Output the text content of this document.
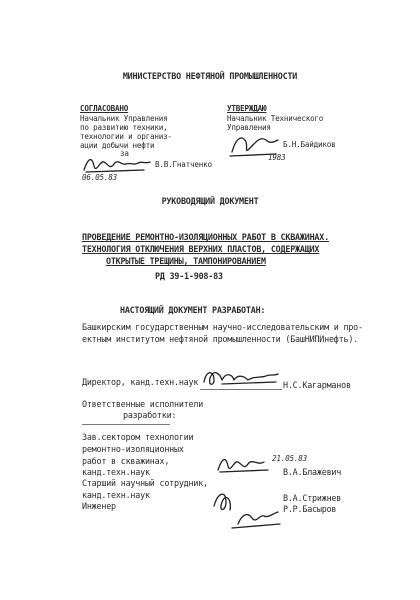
МИНИСТЕРСТВО НЕФТЯНОЙ ПРОМЫШЛЕННОСТИ
СОГЛАСОВАНО
Начальник Управления
по развитию техники,
технологии и организ-
ации добычи нефти
за
В.В.Гнатченко
06.05.83
УТВЕРЖДАЮ
Начальник Технического
Управления
Б.Н.Байдиков
1983
РУКОВОДЯЩИЙ ДОКУМЕНТ
ПРОВЕДЕНИЕ РЕМОНТНО-ИЗОЛЯЦИОННЫХ РАБОТ В СКВАЖИНАХ.
ТЕХНОЛОГИЯ ОТКЛЮЧЕНИЯ ВЕРХНИХ ПЛАСТОВ, СОДЕРЖАЩИХ
ОТКРЫТЫЕ ТРЕЩИНЫ, ТАМПОНИРОВАНИЕМ
РД 39-1-908-83
НАСТОЯЩИЙ ДОКУМЕНТ РАЗРАБОТАН:
Башкирским государственным научно-исследовательским и про-
ектным институтом нефтяной промышленности (БашНИПИнефть).
Директор, канд.техн.наук	Н.С.Кагарманов
Ответственные исполнители
разработки:
Зав.сектором технологии
ремонтно-изоляционных
работ в скважинах,
канд.техн.наук
Старший научный сотрудник,
канд.техн.наук
Инженер
21.05.83
В.А.Блажевич
В.А.Стрижнев
Р.Р.Басыров
